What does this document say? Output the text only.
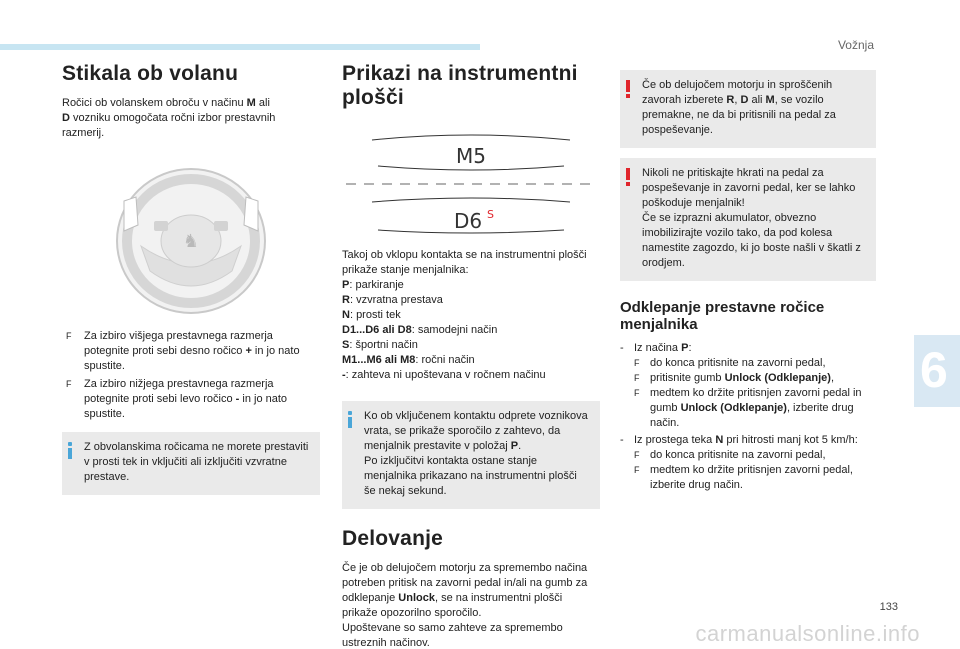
Vožnja
Stikala ob volanu

Ročici ob volanskem obroču v načinu M ali
D vozniku omogočata ročni izbor prestavnih razmerij.

♞
F Za izbiro višjega prestavnega razmerja potegnite proti sebi desno ročico + in jo nato spustite.
F Za izbiro nižjega prestavnega razmerja potegnite proti sebi levo ročico - in jo nato spustite.

Z obvolanskima ročicama ne morete prestaviti v prosti tek in vključiti ali izključiti vzvratne prestave.

Prikazi na instrumentni plošči
M5
D6 S

Takoj ob vklopu kontakta se na instrumentni plošči prikaže stanje menjalnika:

P: parkiranje

R: vzvratna prestava

N: prosti tek

D1...D6 ali D8: samodejni način

S: športni način

M1...M6 ali M8: ročni način

-: zahteva ni upoštevana v ročnem načinu

Ko ob vključenem kontaktu odprete voznikova vrata, se prikaže sporočilo z zahtevo, da menjalnik prestavite v položaj P.
Po izključitvi kontakta ostane stanje menjalnika prikazano na instrumentni plošči še nekaj sekund.

Delovanje

Če je ob delujočem motorju za spremembo načina potreben pritisk na zavorni pedal in/ali na gumb za odklepanje Unlock, se na instrumentni plošči prikaže opozorilno sporočilo.
Upoštevane so samo zahteve za spremembo ustreznih načinov.

Če ob delujočem motorju in sproščenih zavorah izberete R, D ali M, se vozilo premakne, ne da bi pritisnili na pedal za pospeševanje.

Nikoli ne pritiskajte hkrati na pedal za pospeševanje in zavorni pedal, ker se lahko poškoduje menjalnik!
Če se izprazni akumulator, obvezno imobilizirajte vozilo tako, da pod kolesa namestite zagozdo, ki jo boste našli v škatli z orodjem.

Odklepanje prestavne ročice menjalnika
- Iz načina P:
F do konca pritisnite na zavorni pedal,
F pritisnite gumb Unlock (Odklepanje),
F medtem ko držite pritisnjen zavorni pedal in gumb Unlock (Odklepanje), izberite drug način.
- Iz prostega teka N pri hitrosti manj kot 5 km/h:
F do konca pritisnite na zavorni pedal,
F medtem ko držite pritisnjen zavorni pedal, izberite drug način.
6
133
carmanualsonline.info
